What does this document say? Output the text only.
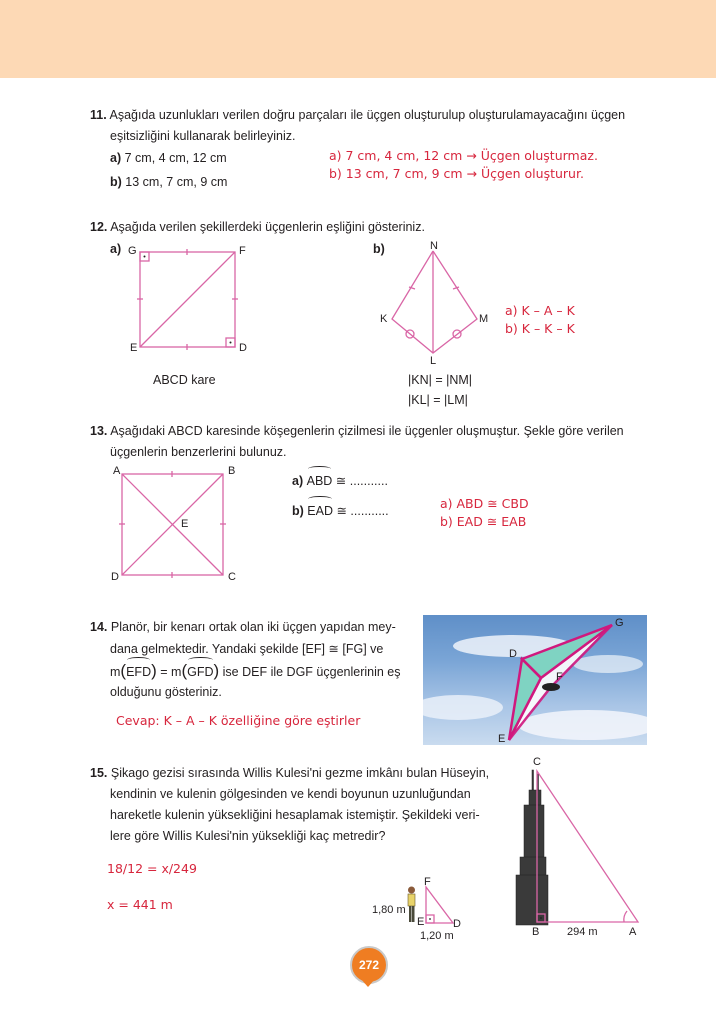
11. Aşağıda uzunlukları verilen doğru parçaları ile üçgen oluşturulup oluşturulamayacağını üçgen
eşitsizliğini kullanarak belirleyiniz.
a) 7 cm, 4 cm, 12 cm
b) 13 cm, 7 cm, 9 cm
a) 7 cm, 4 cm, 12 cm → Üçgen oluşturmaz.
b) 13 cm, 7 cm, 9 cm → Üçgen oluşturur.
12. Aşağıda verilen şekillerdeki üçgenlerin eşliğini gösteriniz.
a) G	F
E	D
ABCD kare
b)	N
K	M
L
|KN| = |NM|
|KL| = |LM|
a) K – A – K
b) K – K – K
13. Aşağıdaki ABCD karesinde köşegenlerin çizilmesi ile üçgenler oluşmuştur. Şekle göre verilen
üçgenlerin benzerlerini bulunuz.
A	B
E
D	C
a) ABD ≅ ...........
b) EAD ≅ ...........	a) ABD ≅ CBD
b) EAD ≅ EAB
14. Planör, bir kenarı ortak olan iki üçgen yapıdan mey-
dana gelmektedir. Yandaki şekilde [EF] ≅ [FG] ve
m(EFD) = m(GFD) ise DEF ile DGF üçgenlerinin eş
olduğunu gösteriniz.
Cevap: K – A – K özelliğine göre eştirler
D
F
G
E
15. Şikago gezisi sırasında Willis Kulesi'ni gezme imkânı bulan Hüseyin,
kendinin ve kulenin gölgesinden ve kendi boyunun uzunluğundan
hareketle kulenin yüksekliğini hesaplamak istemiştir. Şekildeki veri-
lere göre Willis Kulesi'nin yüksekliği kaç metredir?
18/12 = x/249
x = 441 m
F
E	D
1,80 m
1,20 m
C
B	A
294 m
272
